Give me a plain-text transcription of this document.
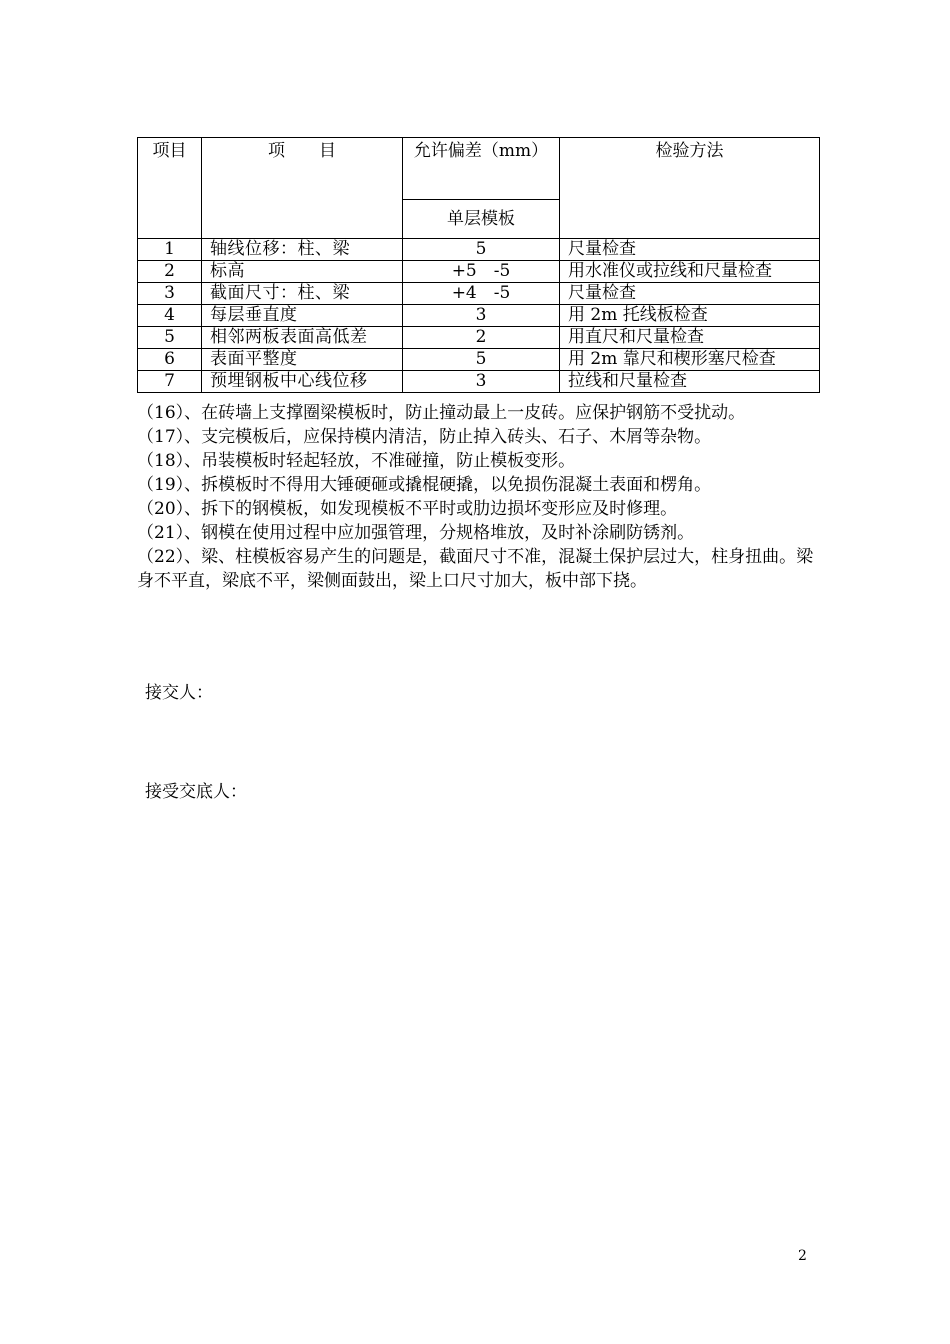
项目	项　　目	允许偏差（mm）	检验方法
		单层模板	
1	轴线位移：柱、梁	5	尺量检查
2	标高	+5　-5	用水准仪或拉线和尺量检查
3	截面尺寸：柱、梁	+4　-5	尺量检查
4	每层垂直度	3	用 2m 托线板检查
5	相邻两板表面高低差	2	用直尺和尺量检查
6	表面平整度	5	用 2m 靠尺和楔形塞尺检查
7	预埋钢板中心线位移	3	拉线和尺量检查

（16）、在砖墙上支撑圈梁模板时，防止撞动最上一皮砖。应保护钢筋不受扰动。

（17）、支完模板后，应保持模内清洁，防止掉入砖头、石子、木屑等杂物。

（18）、吊装模板时轻起轻放，不准碰撞，防止模板变形。

（19）、拆模板时不得用大锤硬砸或撬棍硬撬，以免损伤混凝土表面和楞角。

（20）、拆下的钢模板，如发现模板不平时或肋边损坏变形应及时修理。

（21）、钢模在使用过程中应加强管理，分规格堆放，及时补涂刷防锈剂。

（22）、梁、柱模板容易产生的问题是，截面尺寸不准，混凝土保护层过大，柱身扭曲。梁身不平直，梁底不平，梁侧面鼓出，梁上口尺寸加大，板中部下挠。

接交人：
接受交底人：
2
